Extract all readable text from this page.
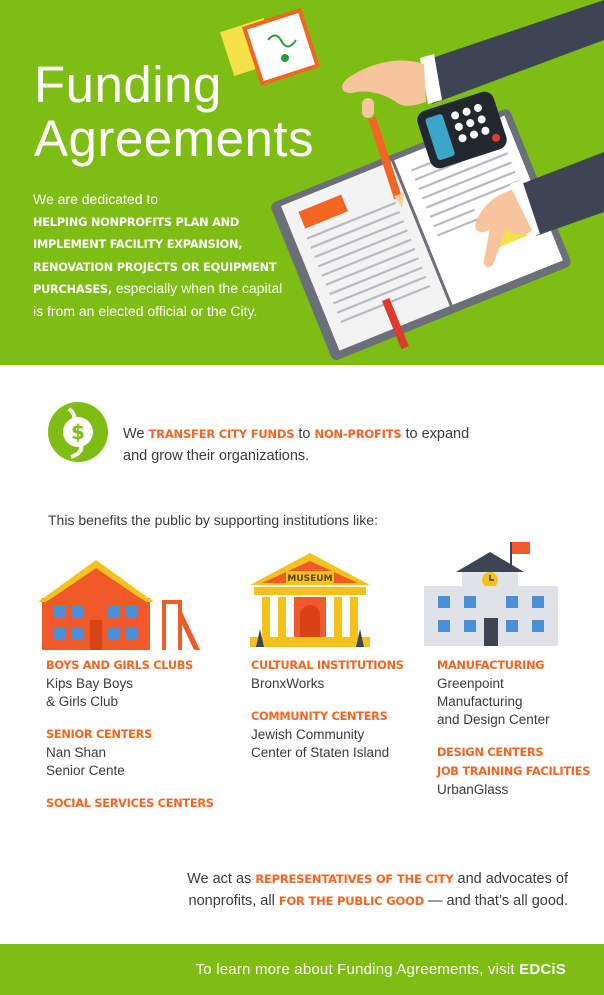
Funding
Agreements

We are dedicated to
HELPING NONPROFITS PLAN AND IMPLEMENT FACILITY EXPANSION, RENOVATION PROJECTS OR EQUIPMENT PURCHASES, especially when the capital is from an elected official or the City.

$	We TRANSFER CITY FUNDS to NON-PROFITS to expand and grow their organizations.

This benefits the public by supporting institutions like:

MUSEUM
BOYS AND GIRLS CLUBS
Kips Bay Boys
& Girls Club
SENIOR CENTERS
Nan Shan
Senior Cente
SOCIAL SERVICES CENTERS
CULTURAL INSTITUTIONS
BronxWorks
COMMUNITY CENTERS
Jewish Community
Center of Staten Island
MANUFACTURING
Greenpoint
Manufacturing
and Design Center
DESIGN CENTERS
JOB TRAINING FACILITIES
UrbanGlass

We act as REPRESENTATIVES OF THE CITY and advocates of nonprofits, all FOR THE PUBLIC GOOD — and that’s all good.

To learn more about Funding Agreements, visit EDCiS
